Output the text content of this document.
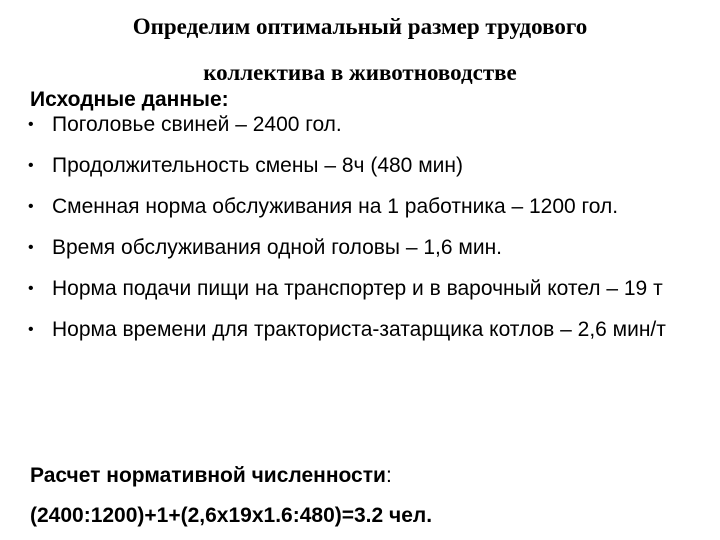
Определим оптимальный размер трудового
коллектива в животноводстве

Исходные данные:

• Поголовье свиней – 2400 гол.
• Продолжительность смены – 8ч (480 мин)
• Сменная норма обслуживания на 1 работника – 1200 гол.
• Время обслуживания одной головы – 1,6 мин.
• Норма подачи пищи на транспортер и в варочный котел – 19 т
• Норма времени для тракториста-затарщика котлов – 2,6 мин/т

Расчет нормативной численности:

(2400:1200)+1+(2,6х19х1.6:480)=3.2 чел.
